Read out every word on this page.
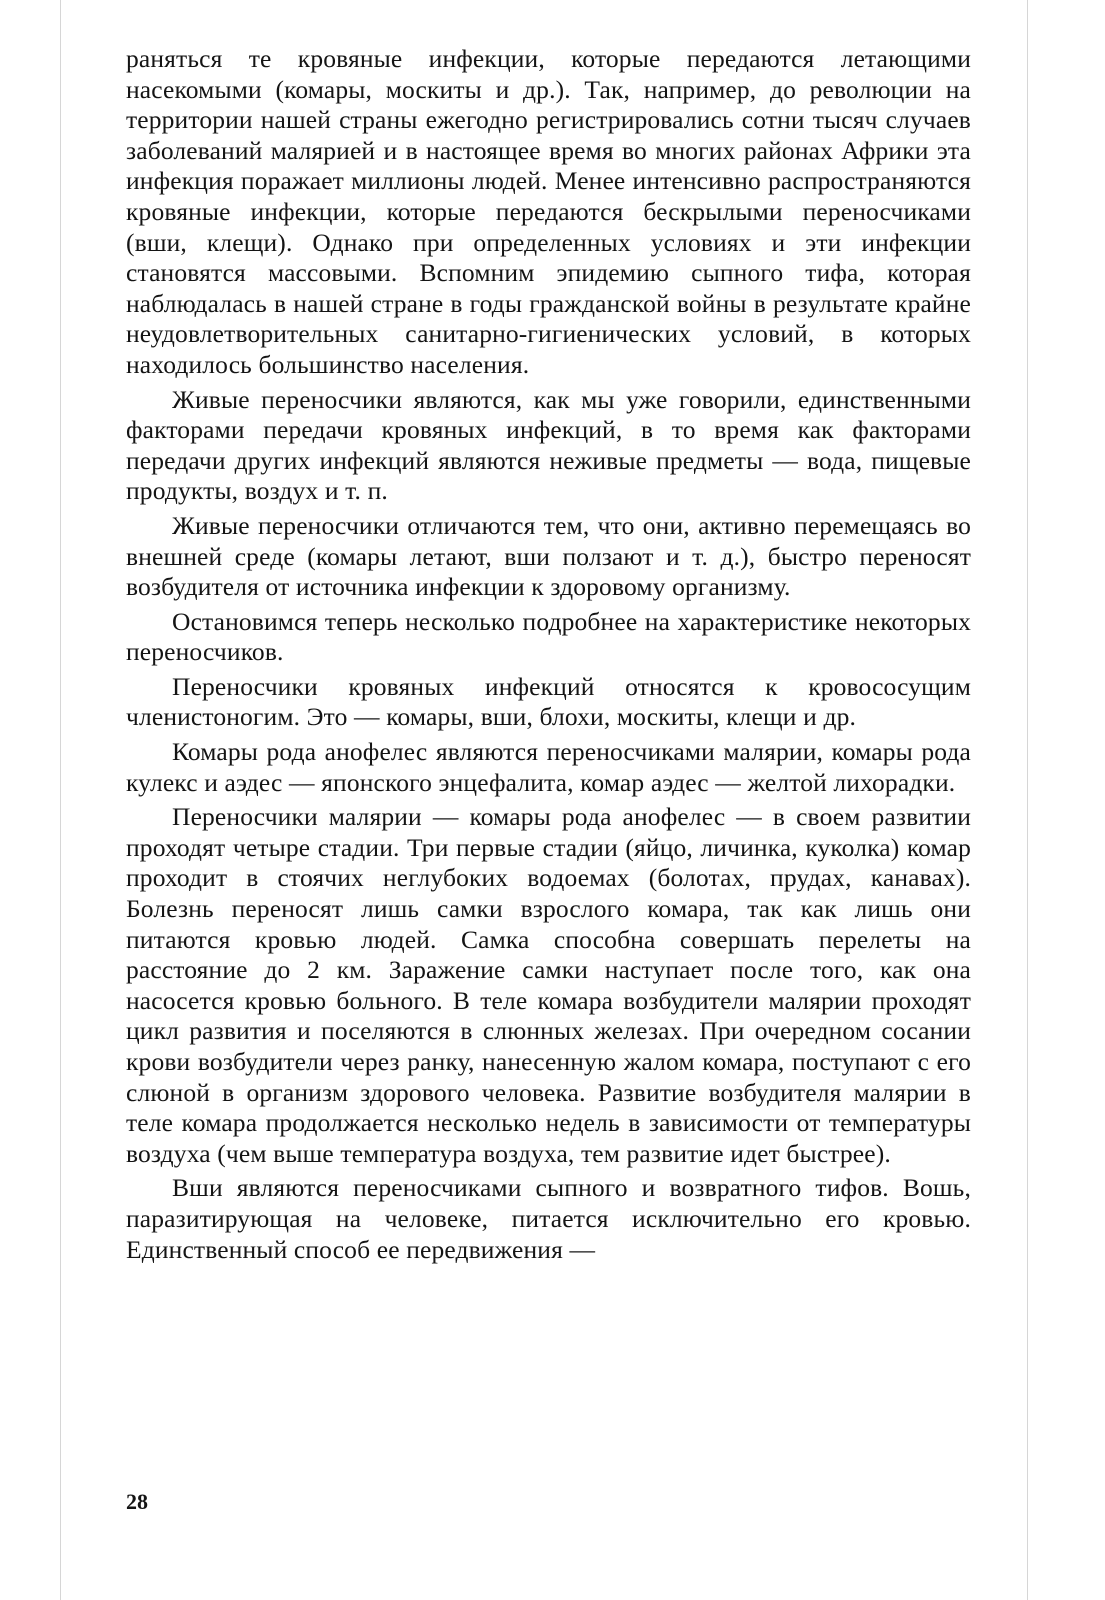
раняться те кровяные инфекции, которые передаются летающими насекомыми (комары, москиты и др.). Так, например, до революции на территории нашей страны ежегодно регистрировались сотни тысяч случаев заболеваний малярией и в настоящее время во многих районах Африки эта инфекция поражает миллионы людей. Менее интенсивно распространяются кровяные инфекции, которые передаются бескрылыми переносчиками (вши, клещи). Однако при определенных условиях и эти инфекции становятся массовыми. Вспомним эпидемию сыпного тифа, которая наблюдалась в нашей стране в годы гражданской войны в результате крайне неудовлетворительных санитарно-гигиенических условий, в которых находилось большинство населения.

Живые переносчики являются, как мы уже говорили, единственными факторами передачи кровяных инфекций, в то время как факторами передачи других инфекций являются неживые предметы — вода, пищевые продукты, воздух и т. п.

Живые переносчики отличаются тем, что они, активно перемещаясь во внешней среде (комары летают, вши ползают и т. д.), быстро переносят возбудителя от источника инфекции к здоровому организму.

Остановимся теперь несколько подробнее на характеристике некоторых переносчиков.

Переносчики кровяных инфекций относятся к кровососущим членистоногим. Это — комары, вши, блохи, москиты, клещи и др.

Комары рода анофелес являются переносчиками малярии, комары рода кулекс и аэдес — японского энцефалита, комар аэдес — желтой лихорадки.

Переносчики малярии — комары рода анофелес — в своем развитии проходят четыре стадии. Три первые стадии (яйцо, личинка, куколка) комар проходит в стоячих неглубоких водоемах (болотах, прудах, канавах). Болезнь переносят лишь самки взрослого комара, так как лишь они питаются кровью людей. Самка способна совершать перелеты на расстояние до 2 км. Заражение самки наступает после того, как она насосется кровью больного. В теле комара возбудители малярии проходят цикл развития и поселяются в слюнных железах. При очередном сосании крови возбудители через ранку, нанесенную жалом комара, поступают с его слюной в организм здорового человека. Развитие возбудителя малярии в теле комара продолжается несколько недель в зависимости от температуры воздуха (чем выше температура воздуха, тем развитие идет быстрее).

Вши являются переносчиками сыпного и возвратного тифов. Вошь, паразитирующая на человеке, питается исключительно его кровью. Единственный способ ее передвижения —

28
